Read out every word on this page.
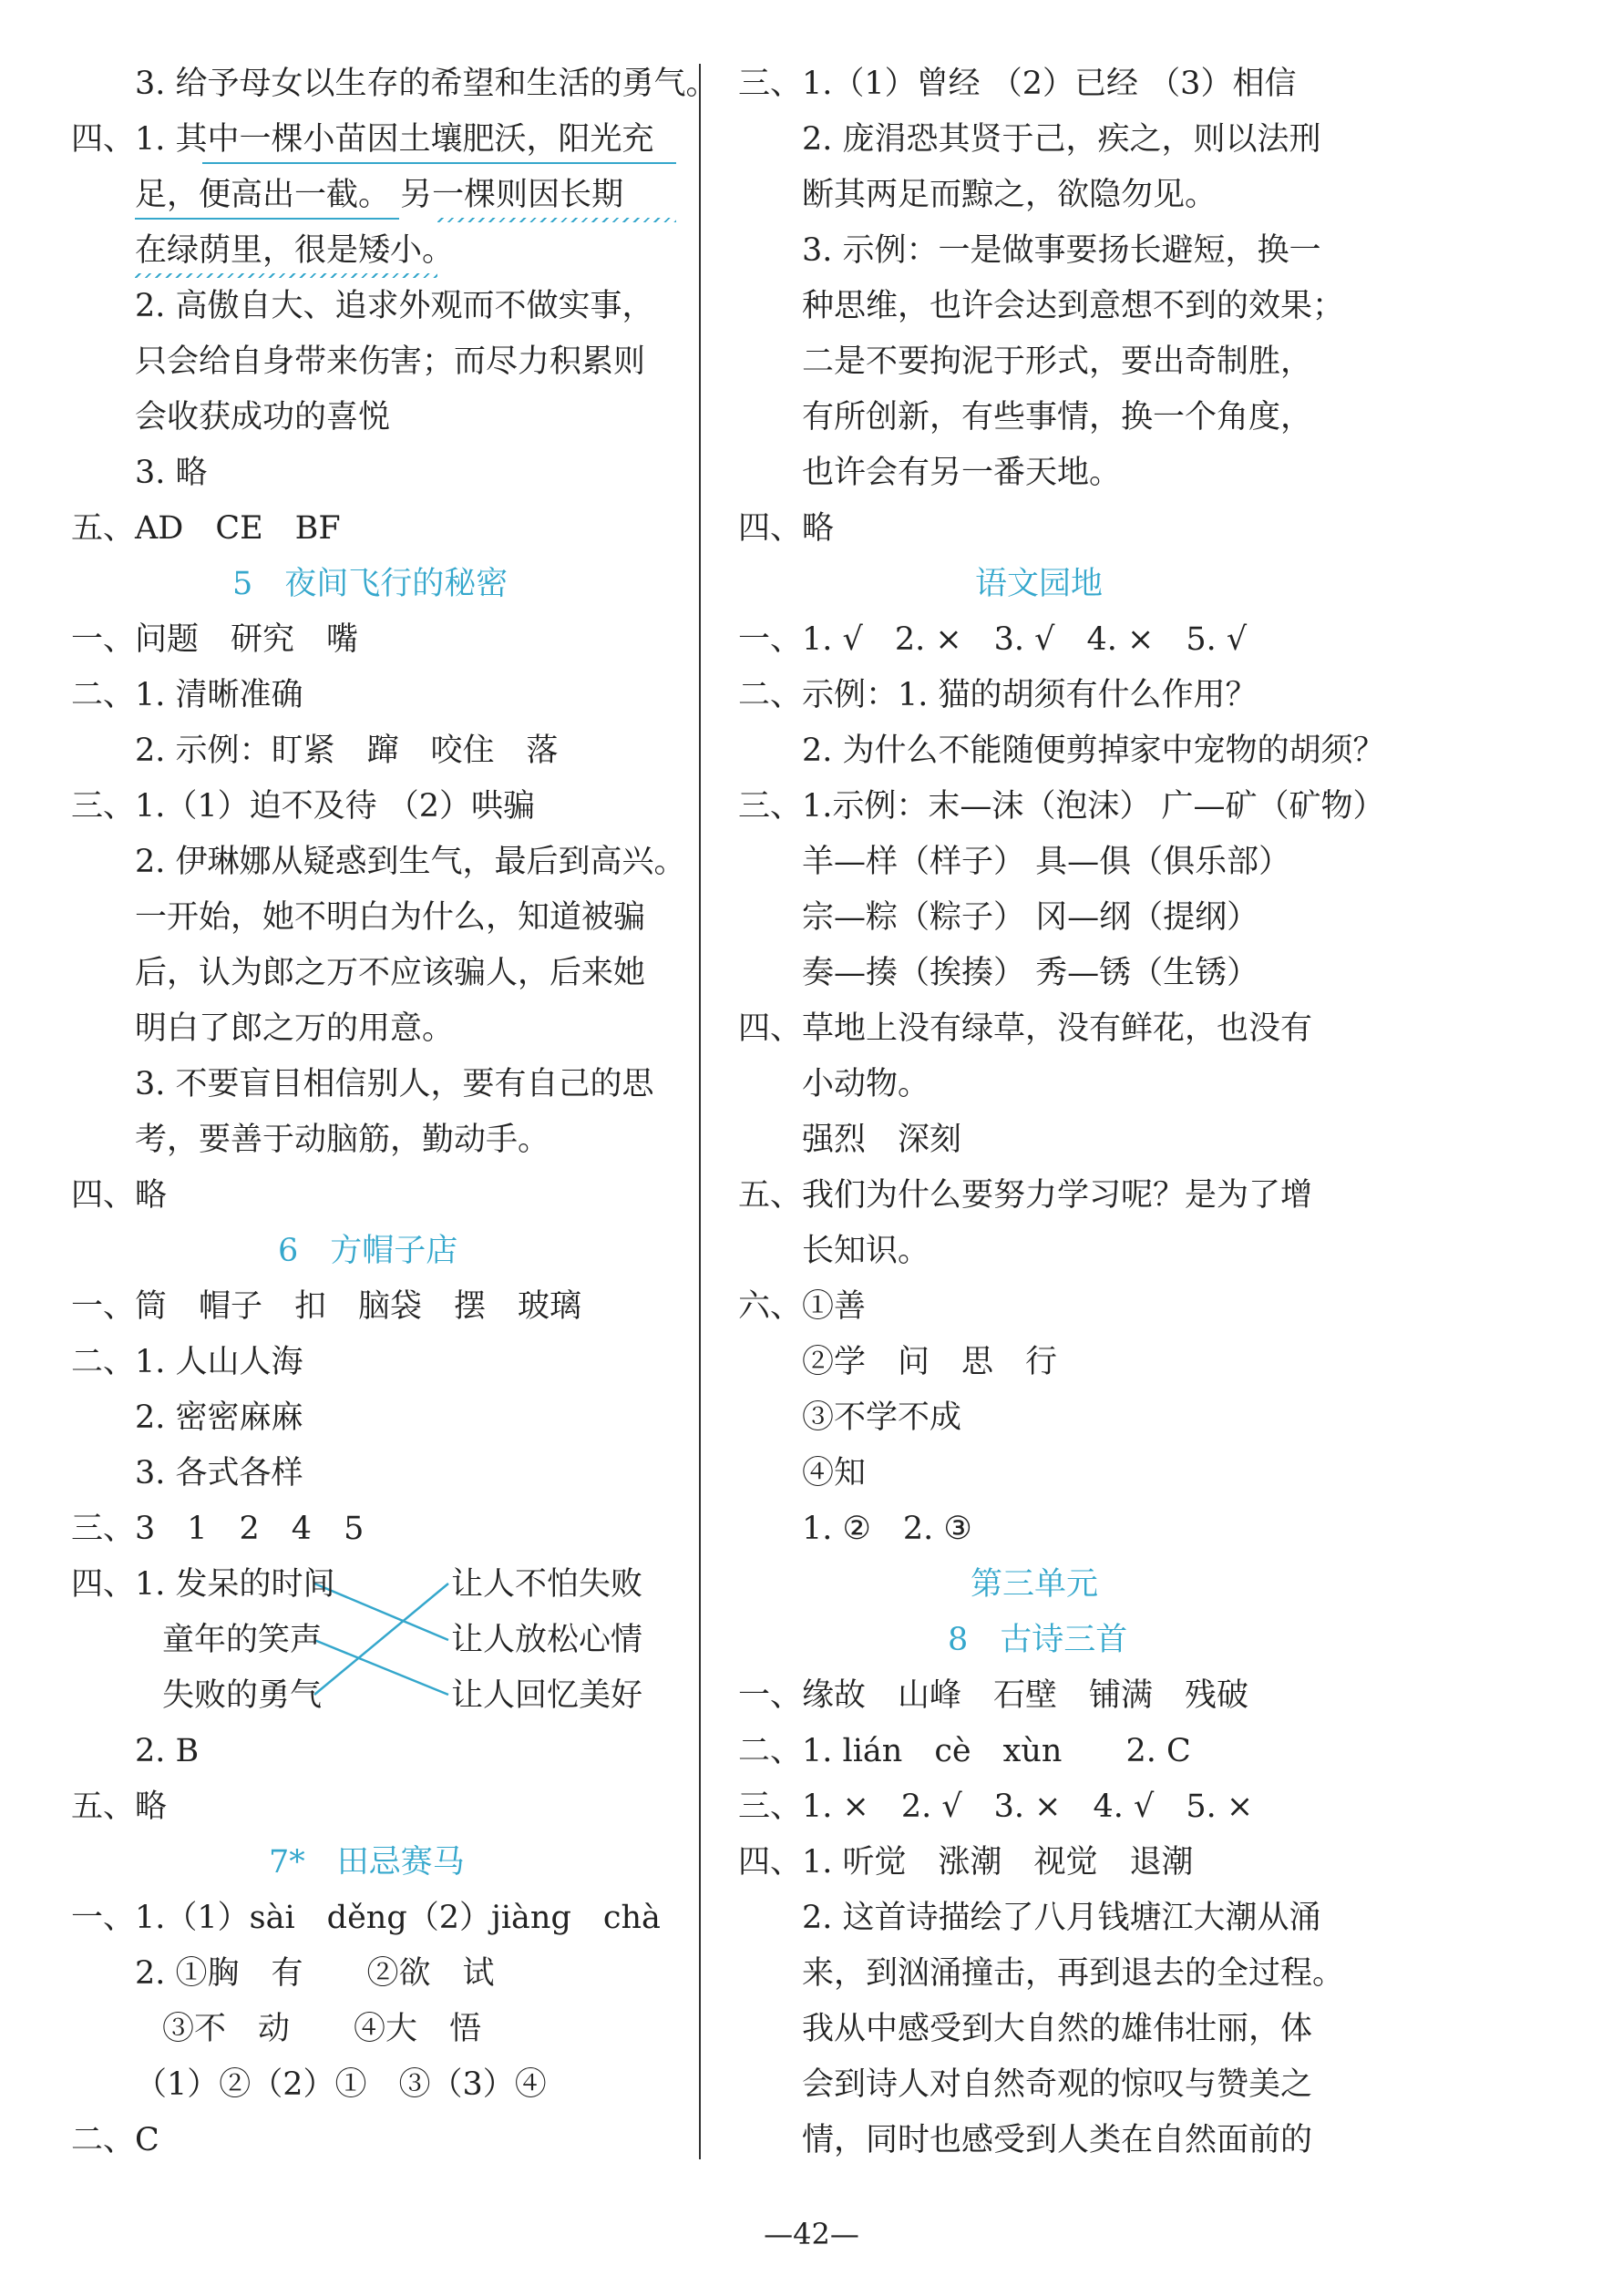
—42—
3. 给予母女以生存的希望和生活的勇气。
四、1. 其中一棵小苗因土壤肥沃，阳光充
足，便高出一截。 另一棵则因长期
在绿荫里，很是矮小。
2. 高傲自大、追求外观而不做实事，
只会给自身带来伤害；而尽力积累则
会收获成功的喜悦
3. 略
五、AD　CE　BF
5　夜间飞行的秘密
一、问题　研究　嘴
二、1. 清晰准确
2. 示例：盯紧　蹿　咬住　落
三、1.（1）迫不及待 （2）哄骗
2. 伊琳娜从疑惑到生气，最后到高兴。
一开始，她不明白为什么，知道被骗
后，认为郎之万不应该骗人，后来她
明白了郎之万的用意。
3. 不要盲目相信别人，要有自己的思
考，要善于动脑筋，勤动手。
四、略
6　方帽子店
一、筒　帽子　扣　脑袋　摆　玻璃
二、1. 人山人海
2. 密密麻麻
3. 各式各样
三、3　1　2　4　5
四、1. 发呆的时间
童年的笑声
失败的勇气
让人不怕失败
让人放松心情
让人回忆美好
2. B
五、略
7*　田忌赛马
一、1.（1）sài　děng（2）jiàng　chà
2. ①胸　有　　②欲　试
③不　动　　④大　悟
（1）②（2）①　③（3）④
二、C
三、1.（1）曾经 （2）已经 （3）相信
2. 庞涓恐其贤于己，疾之，则以法刑
断其两足而黥之，欲隐勿见。
3. 示例：一是做事要扬长避短，换一
种思维，也许会达到意想不到的效果；
二是不要拘泥于形式，要出奇制胜，
有所创新，有些事情，换一个角度，
也许会有另一番天地。
四、略
语文园地
一、1. √　2. ×　3. √　4. ×　5. √
二、示例：1. 猫的胡须有什么作用？
2. 为什么不能随便剪掉家中宠物的胡须？
三、1.示例：末—沫（泡沫） 广—矿（矿物）
羊—样（样子） 具—俱（俱乐部）
宗—粽（粽子） 冈—纲（提纲）
奏—揍（挨揍） 秀—锈（生锈）
四、草地上没有绿草，没有鲜花，也没有
小动物。
强烈　深刻
五、我们为什么要努力学习呢？是为了增
长知识。
六、①善
②学　问　思　行
③不学不成
④知
1. ②　2. ③
第三单元
8　古诗三首
一、缘故　山峰　石壁　铺满　残破
二、1. lián　cè　xùn　　2. C
三、1. ×　2. √　3. ×　4. √　5. ×
四、1. 听觉　涨潮　视觉　退潮
2. 这首诗描绘了八月钱塘江大潮从涌
来，到汹涌撞击，再到退去的全过程。
我从中感受到大自然的雄伟壮丽，体
会到诗人对自然奇观的惊叹与赞美之
情，同时也感受到人类在自然面前的
